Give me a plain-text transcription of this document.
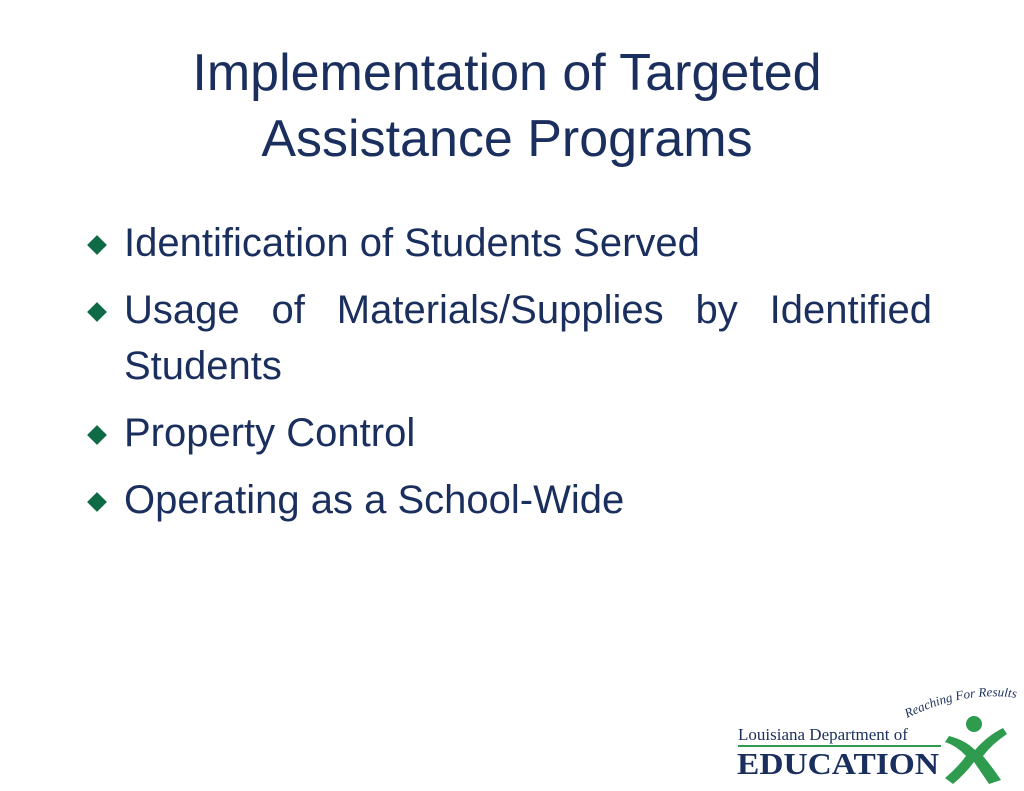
Implementation of Targeted
Assistance Programs
Identification of Students Served
Usage of Materials/Supplies by Identified Students
Property Control
Operating as a School-Wide
Reaching For Results
Louisiana Department of
EDUCATION
